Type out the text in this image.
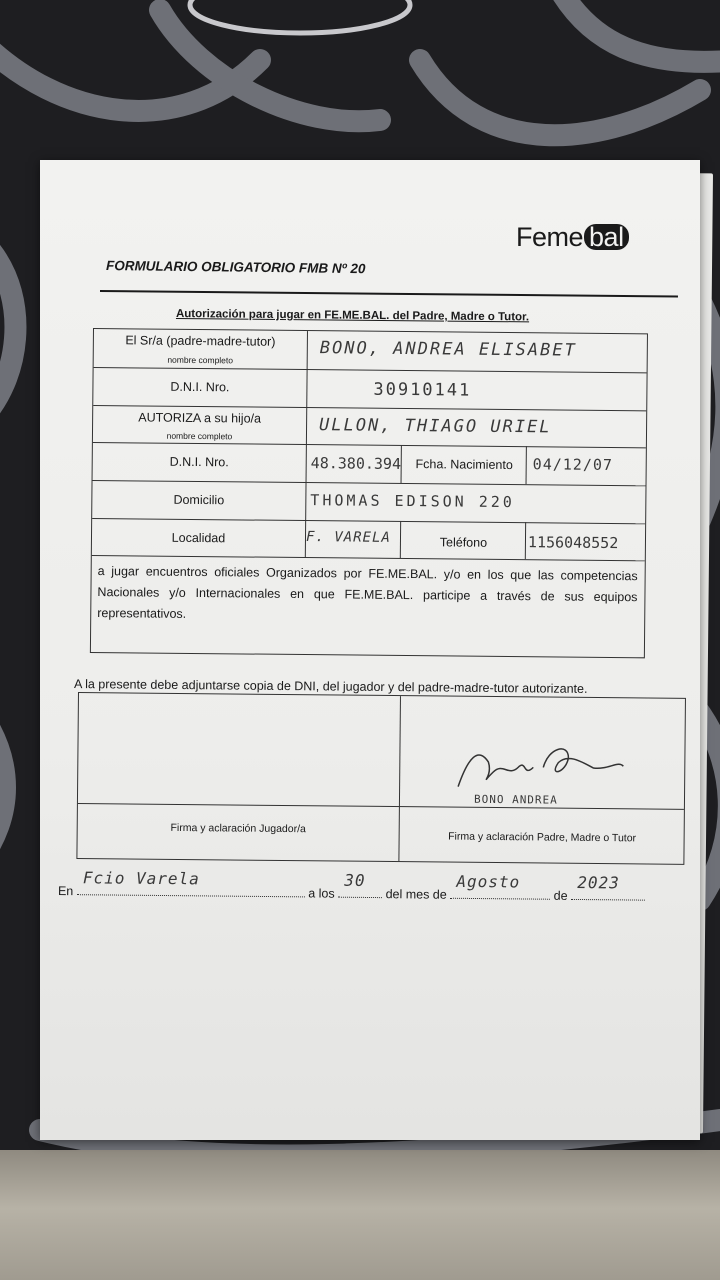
Feme bal
FORMULARIO OBLIGATORIO FMB Nº 20
Autorización para jugar en FE.ME.BAL. del Padre, Madre o Tutor.
El Sr/a (padre-madre-tutor)
nombre completo	BONO, ANDREA ELISABET
D.N.I. Nro.	30910141
AUTORIZA a su hijo/a
nombre completo	ULLON, THIAGO URIEL
D.N.I. Nro.	48.380.394	Fcha. Nacimiento	04/12/07
Domicilio	THOMAS EDISON 220
Localidad	F. VARELA	Teléfono	1156048552
a jugar encuentros oficiales Organizados por FE.ME.BAL. y/o en los que las competencias Nacionales y/o Internacionales en que FE.ME.BAL. participe a través de sus equipos representativos.
A la presente debe adjuntarse copia de DNI, del jugador y del padre-madre-tutor autorizante.
Firma y aclaración Jugador/a
Firma y aclaración Padre, Madre o Tutor
BONO ANDREA
En
Fcio Varela
a los
30
del mes de
Agosto
de
2023
